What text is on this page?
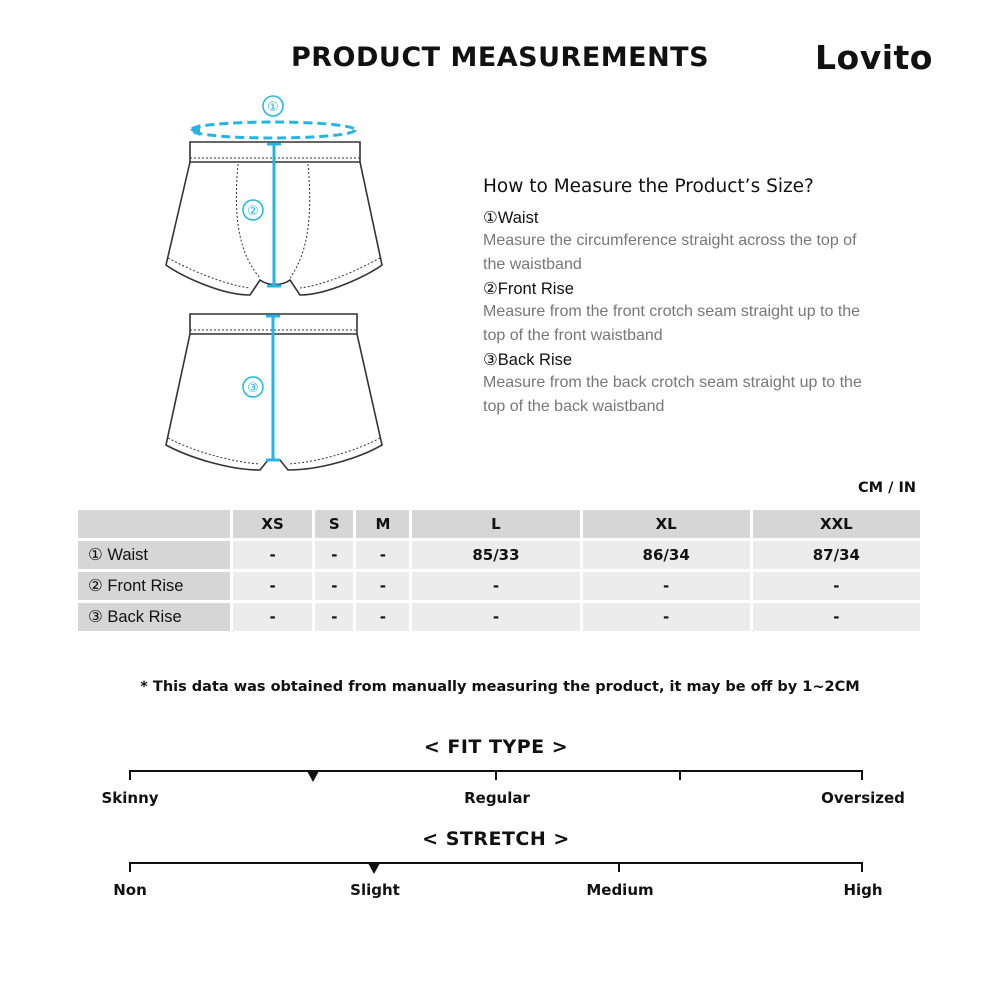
PRODUCT MEASUREMENTS	Lovito
①
②
③
How to Measure the Product’s Size?
①Waist
Measure the circumference straight across the top of the waistband
②Front Rise
Measure from the front crotch seam straight up to the top of the front waistband
③Back Rise
Measure from the back crotch seam straight up to the top of the back waistband
CM / IN
	XS	S	M	L	XL	XXL
① Waist	-	-	-	85/33	86/34	87/34
② Front Rise	-	-	-	-	-	-
③ Back Rise	-	-	-	-	-	-
* This data was obtained from manually measuring the product, it may be off by 1~2CM
< FIT TYPE >
Skinny	Regular	Oversized
< STRETCH >
Non	Slight	Medium	High
